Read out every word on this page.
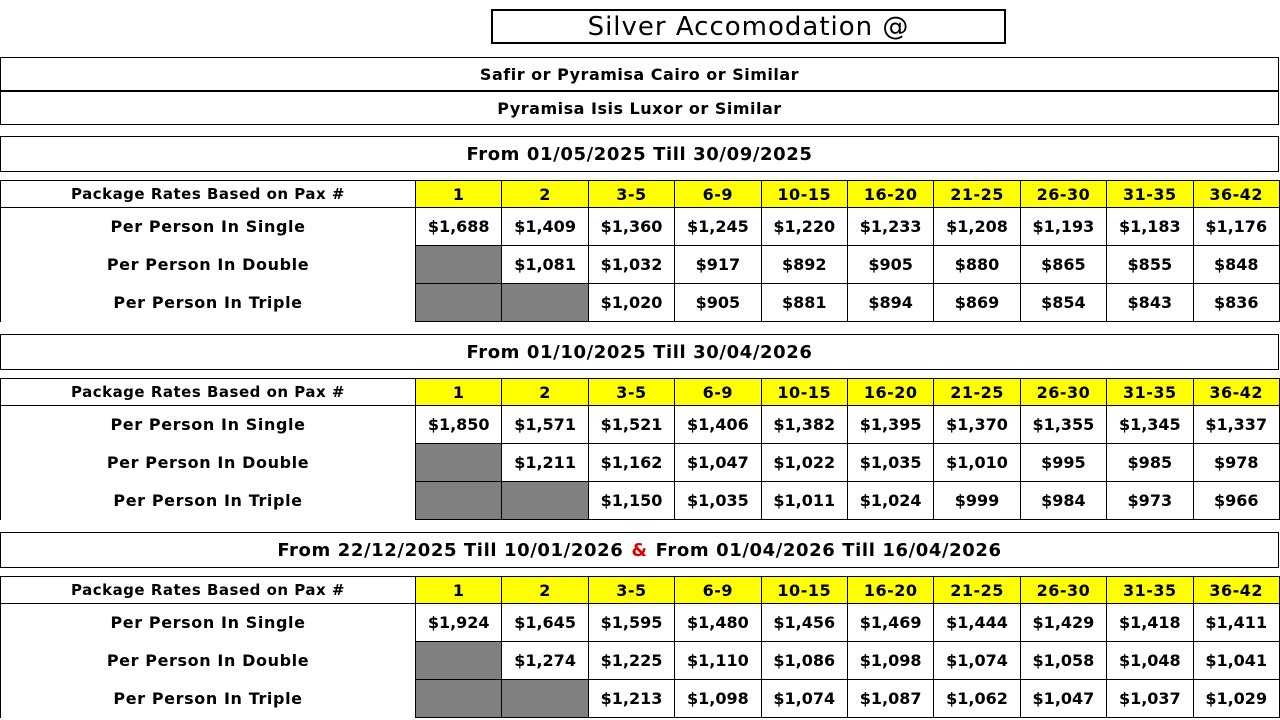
Silver Accomodation @
Safir or Pyramisa Cairo or Similar
Pyramisa Isis Luxor or Similar
From 01/05/2025 Till 30/09/2025
Package Rates Based on Pax #	1	2	3-5	6-9	10-15	16-20	21-25	26-30	31-35	36-42
Per Person In Single	$1,688	$1,409	$1,360	$1,245	$1,220	$1,233	$1,208	$1,193	$1,183	$1,176
Per Person In Double		$1,081	$1,032	$917	$892	$905	$880	$865	$855	$848
Per Person In Triple			$1,020	$905	$881	$894	$869	$854	$843	$836
From 01/10/2025 Till 30/04/2026
Package Rates Based on Pax #	1	2	3-5	6-9	10-15	16-20	21-25	26-30	31-35	36-42
Per Person In Single	$1,850	$1,571	$1,521	$1,406	$1,382	$1,395	$1,370	$1,355	$1,345	$1,337
Per Person In Double		$1,211	$1,162	$1,047	$1,022	$1,035	$1,010	$995	$985	$978
Per Person In Triple			$1,150	$1,035	$1,011	$1,024	$999	$984	$973	$966
From 22/12/2025 Till 10/01/2026 & From 01/04/2026 Till 16/04/2026
Package Rates Based on Pax #	1	2	3-5	6-9	10-15	16-20	21-25	26-30	31-35	36-42
Per Person In Single	$1,924	$1,645	$1,595	$1,480	$1,456	$1,469	$1,444	$1,429	$1,418	$1,411
Per Person In Double		$1,274	$1,225	$1,110	$1,086	$1,098	$1,074	$1,058	$1,048	$1,041
Per Person In Triple			$1,213	$1,098	$1,074	$1,087	$1,062	$1,047	$1,037	$1,029
